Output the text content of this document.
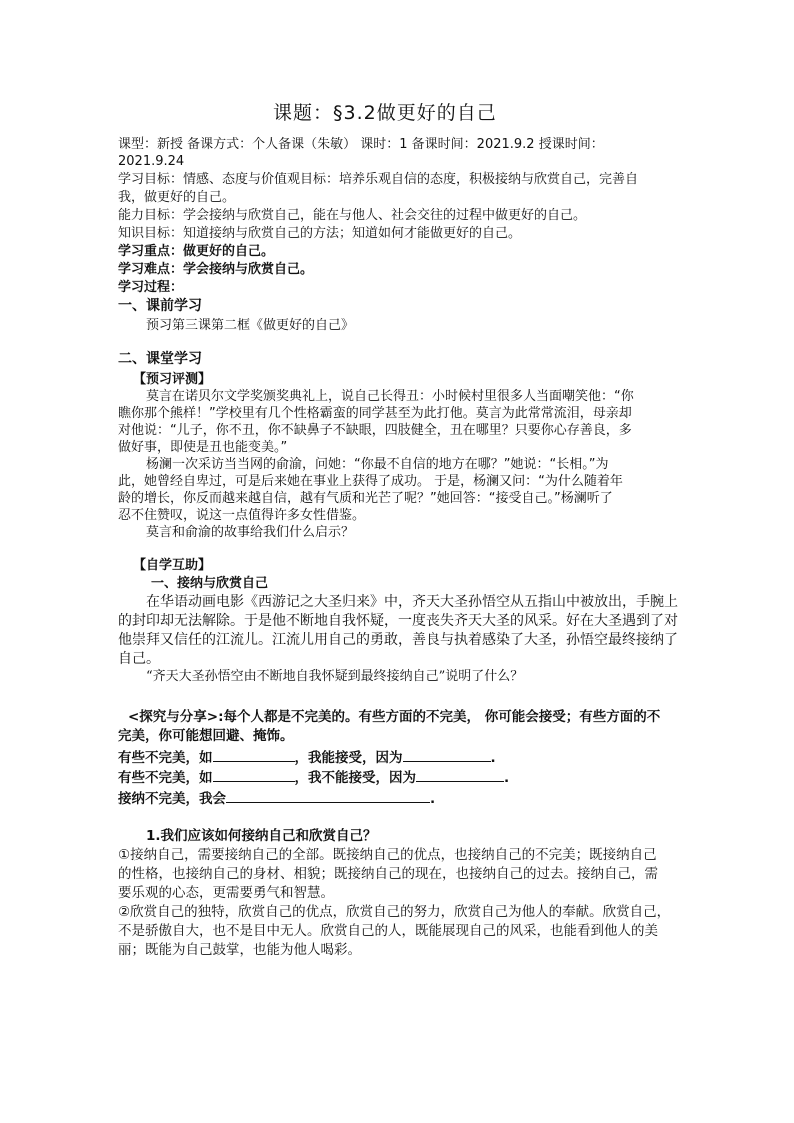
课题：§3.2做更好的自己
课型：新授 备课方式：个人备课（朱敏） 课时：1 备课时间：2021.9.2 授课时间：
2021.9.24
学习目标：情感、态度与价值观目标：培养乐观自信的态度，积极接纳与欣赏自己，完善自
我，做更好的自己。
能力目标：学会接纳与欣赏自己，能在与他人、社会交往的过程中做更好的自己。
知识目标：知道接纳与欣赏自己的方法；知道如何才能做更好的自己。
学习重点：做更好的自己。
学习难点：学会接纳与欣赏自己。
学习过程：
一、课前学习
预习第三课第二框《做更好的自己》
二、课堂学习
【预习评测】
莫言在诺贝尔文学奖颁奖典礼上，说自己长得丑：小时候村里很多人当面嘲笑他：“你
瞧你那个熊样！”学校里有几个性格霸蛮的同学甚至为此打他。莫言为此常常流泪，母亲却
对他说：“儿子，你不丑，你不缺鼻子不缺眼，四肢健全，丑在哪里？只要你心存善良，多
做好事，即使是丑也能变美。”
杨澜一次采访当当网的俞渝，问她：“你最不自信的地方在哪？”她说：“长相。”为
此，她曾经自卑过，可是后来她在事业上获得了成功。 于是，杨澜又问：“为什么随着年
龄的增长，你反而越来越自信，越有气质和光芒了呢？”她回答：“接受自己。”杨澜听了
忍不住赞叹，说这一点值得许多女性借鉴。
莫言和俞渝的故事给我们什么启示？
【自学互助】
一、接纳与欣赏自己
在华语动画电影《西游记之大圣归来》中，齐天大圣孙悟空从五指山中被放出，手腕上
的封印却无法解除。于是他不断地自我怀疑，一度丧失齐天大圣的风采。好在大圣遇到了对
他崇拜又信任的江流儿。江流儿用自己的勇敢，善良与执着感染了大圣，孙悟空最终接纳了
自己。
“齐天大圣孙悟空由不断地自我怀疑到最终接纳自己”说明了什么？
<探究与分享>:每个人都是不完美的。有些方面的不完美， 你可能会接受；有些方面的不
完美，你可能想回避、掩饰。
有些不完美，如	，我能接受，因为	.
有些不完美，如	，我不能接受，因为	.
接纳不完美，我会	.
1.我们应该如何接纳自己和欣赏自己？
①接纳自己，需要接纳自己的全部。既接纳自己的优点，也接纳自己的不完美；既接纳自己
的性格，也接纳自己的身材、相貌；既接纳自己的现在，也接纳自己的过去。接纳自己，需
要乐观的心态，更需要勇气和智慧。
②欣赏自己的独特，欣赏自己的优点，欣赏自己的努力，欣赏自己为他人的奉献。欣赏自己，
不是骄傲自大，也不是目中无人。欣赏自己的人，既能展现自己的风采，也能看到他人的美
丽；既能为自己鼓掌，也能为他人喝彩。
